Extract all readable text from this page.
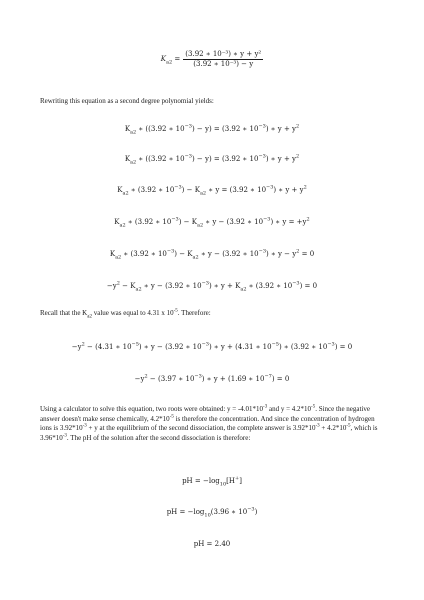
$K_{a2} = \frac{\text{(3.92 ∗ 10⁻³) ∗ y + y²}}{\text{(3.92 ∗ 10⁻³) − y}}$
Rewriting this equation as a second degree polynomial yields:
$K_{a2}$ ∗ ((3.92 ∗ $10^{-3}) - y) = (3.92$ ∗ $10^{-3}$) ∗ $y + y^2$
$K_{a2}$ ∗ ((3.92 ∗ $10^{-3}) - y) = (3.92$ ∗ $10^{-3}$) ∗ $y + y^2$
$K_{a2}$ ∗ (3.92 ∗ $10^{-3}) - K_{a2}$ ∗ y = (3.92 ∗ $10^{-3}$) ∗ $y + y^2$
$K_{a2}$ ∗ (3.92 ∗ $10^{-3}) - K_{a2}$ ∗ y − (3.92 ∗ $10^{-3}$) ∗ $y = +y^2$
$K_{a2}$ ∗ (3.92 ∗ $10^{-3}) - K_{a2}$ ∗ y − (3.92 ∗ $10^{-3}$) ∗ $y - y^2 = 0$
$-y^2 - K_{a2}$ ∗ y − (3.92 ∗ $10^{-3}$) ∗ $y + K_{a2}$ ∗ (3.92 ∗ $10^{-3}) = 0$
Recall that the $K_{a2}$ value was equal to 4.31 x $10^{-5}$. Therefore:
$-y^2 - (4.31$ ∗ $10^{-5}$) ∗ y − (3.92 ∗ $10^{-3}$) ∗ y + (4.31 ∗ $10^{-5}$) ∗ (3.92 ∗ $10^{-3}) = 0$
$-y^2 - (3.97$ ∗ $10^{-3}$) ∗ y + (1.69 ∗ $10^{-7}) = 0$
Using a calculator to solve this equation, two roots were obtained: $y = -4.01*10^{-3}$ and $y = 4.2*10^{-5}$. Since the negative answer doesn't make sense chemically, $4.2*10^{-5}$ is therefore the concentration. And since the concentration of hydrogen ions is $3.92*10^{-3} + y$ at the equilibrium of the second dissociation, the complete answer is $3.92*10^{-3} + 4.2*10^{-5}$, which is $3.96*10^{-3}$. The pH of the solution after the second dissociation is therefore:
pH = $-\log_{10}[H^+]$
pH = $-\log_{10}(3.96$ ∗ $10^{-3}$)
pH = 2.40
